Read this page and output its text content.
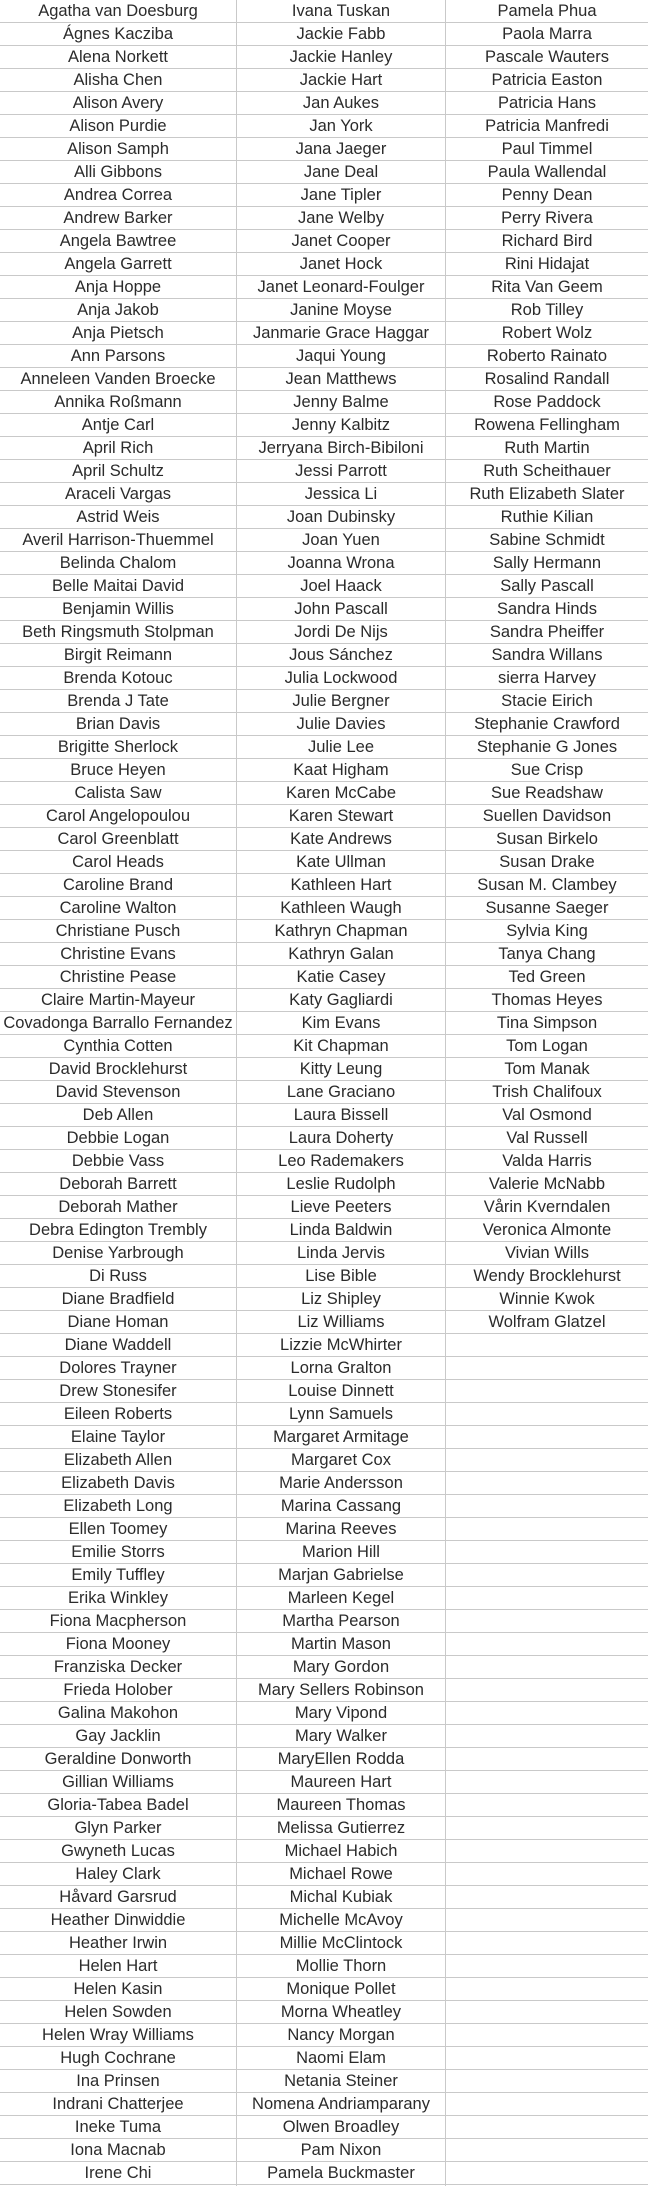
Agatha van Doesburg
Ágnes Kacziba
Alena Norkett
Alisha Chen
Alison Avery
Alison Purdie
Alison Samph
Alli Gibbons
Andrea Correa
Andrew Barker
Angela Bawtree
Angela Garrett
Anja Hoppe
Anja Jakob
Anja Pietsch
Ann Parsons
Anneleen Vanden Broecke
Annika Roßmann
Antje Carl
April Rich
April Schultz
Araceli Vargas
Astrid Weis
Averil Harrison-Thuemmel
Belinda Chalom
Belle Maitai David
Benjamin Willis
Beth Ringsmuth Stolpman
Birgit Reimann
Brenda Kotouc
Brenda J Tate
Brian Davis
Brigitte Sherlock
Bruce Heyen
Calista Saw
Carol Angelopoulou
Carol Greenblatt
Carol Heads
Caroline Brand
Caroline Walton
Christiane Pusch
Christine Evans
Christine Pease
Claire Martin-Mayeur
Covadonga Barrallo Fernandez
Cynthia Cotten
David Brocklehurst
David Stevenson
Deb Allen
Debbie Logan
Debbie Vass
Deborah Barrett
Deborah Mather
Debra Edington Trembly
Denise Yarbrough
Di Russ
Diane Bradfield
Diane Homan
Diane Waddell
Dolores Trayner
Drew Stonesifer
Eileen Roberts
Elaine Taylor
Elizabeth Allen
Elizabeth Davis
Elizabeth Long
Ellen Toomey
Emilie Storrs
Emily Tuffley
Erika Winkley
Fiona Macpherson
Fiona Mooney
Franziska Decker
Frieda Holober
Galina Makohon
Gay Jacklin
Geraldine Donworth
Gillian Williams
Gloria-Tabea Badel
Glyn Parker
Gwyneth Lucas
Haley Clark
Håvard Garsrud
Heather Dinwiddie
Heather Irwin
Helen Hart
Helen Kasin
Helen Sowden
Helen Wray Williams
Hugh Cochrane
Ina Prinsen
Indrani Chatterjee
Ineke Tuma
Iona Macnab
Irene Chi
Ivana Tuskan
Jackie Fabb
Jackie Hanley
Jackie Hart
Jan Aukes
Jan York
Jana Jaeger
Jane Deal
Jane Tipler
Jane Welby
Janet Cooper
Janet Hock
Janet Leonard-Foulger
Janine Moyse
Janmarie Grace Haggar
Jaqui Young
Jean Matthews
Jenny Balme
Jenny Kalbitz
Jerryana Birch-Bibiloni
Jessi Parrott
Jessica Li
Joan Dubinsky
Joan Yuen
Joanna Wrona
Joel Haack
John Pascall
Jordi De Nijs
Jous Sánchez
Julia Lockwood
Julie Bergner
Julie Davies
Julie Lee
Kaat Higham
Karen McCabe
Karen Stewart
Kate Andrews
Kate Ullman
Kathleen Hart
Kathleen Waugh
Kathryn Chapman
Kathryn Galan
Katie Casey
Katy Gagliardi
Kim Evans
Kit Chapman
Kitty Leung
Lane Graciano
Laura Bissell
Laura Doherty
Leo Rademakers
Leslie Rudolph
Lieve Peeters
Linda Baldwin
Linda Jervis
Lise Bible
Liz Shipley
Liz Williams
Lizzie McWhirter
Lorna Gralton
Louise Dinnett
Lynn Samuels
Margaret Armitage
Margaret Cox
Marie Andersson
Marina Cassang
Marina Reeves
Marion Hill
Marjan Gabrielse
Marleen Kegel
Martha Pearson
Martin Mason
Mary Gordon
Mary Sellers Robinson
Mary Vipond
Mary Walker
MaryEllen Rodda
Maureen Hart
Maureen Thomas
Melissa Gutierrez
Michael Habich
Michael Rowe
Michal Kubiak
Michelle McAvoy
Millie McClintock
Mollie Thorn
Monique Pollet
Morna Wheatley
Nancy Morgan
Naomi Elam
Netania Steiner
Nomena Andriamparany
Olwen Broadley
Pam Nixon
Pamela Buckmaster
Pamela Phua
Paola Marra
Pascale Wauters
Patricia Easton
Patricia Hans
Patricia Manfredi
Paul Timmel
Paula Wallendal
Penny Dean
Perry Rivera
Richard Bird
Rini Hidajat
Rita Van Geem
Rob Tilley
Robert Wolz
Roberto Rainato
Rosalind Randall
Rose Paddock
Rowena Fellingham
Ruth Martin
Ruth Scheithauer
Ruth Elizabeth Slater
Ruthie Kilian
Sabine Schmidt
Sally Hermann
Sally Pascall
Sandra Hinds
Sandra Pheiffer
Sandra Willans
sierra Harvey
Stacie Eirich
Stephanie Crawford
Stephanie G Jones
Sue Crisp
Sue Readshaw
Suellen Davidson
Susan Birkelo
Susan Drake
Susan M. Clambey
Susanne Saeger
Sylvia King
Tanya Chang
Ted Green
Thomas Heyes
Tina Simpson
Tom Logan
Tom Manak
Trish Chalifoux
Val Osmond
Val Russell
Valda Harris
Valerie McNabb
Vårin Kverndalen
Veronica Almonte
Vivian Wills
Wendy Brocklehurst
Winnie Kwok
Wolfram Glatzel
